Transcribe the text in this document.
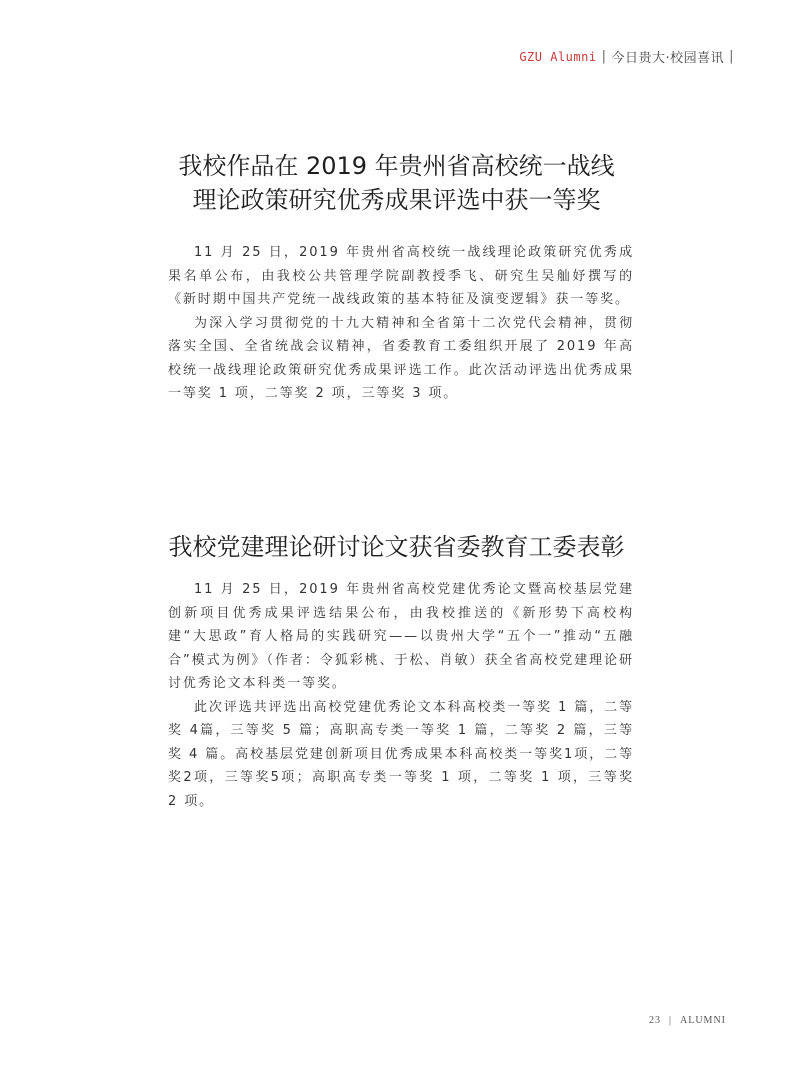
GZU Alumni | 今日贵大·校园喜讯 |
我校作品在 2019 年贵州省高校统一战线
理论政策研究优秀成果评选中获一等奖

11 月 25 日，2019 年贵州省高校统一战线理论政策研究优秀成果名单公布，由我校公共管理学院副教授季飞、研究生吴舢妤撰写的《新时期中国共产党统一战线政策的基本特征及演变逻辑》获一等奖。

为深入学习贯彻党的十九大精神和全省第十二次党代会精神，贯彻落实全国、全省统战会议精神，省委教育工委组织开展了 2019 年高校统一战线理论政策研究优秀成果评选工作。此次活动评选出优秀成果一等奖 1 项，二等奖 2 项，三等奖 3 项。

我校党建理论研讨论文获省委教育工委表彰

11 月 25 日，2019 年贵州省高校党建优秀论文暨高校基层党建创新项目优秀成果评选结果公布，由我校推送的《新形势下高校构建“大思政”育人格局的实践研究——以贵州大学“五个一”推动“五融合”模式为例》（作者：令狐彩桃、于松、肖敏）获全省高校党建理论研讨优秀论文本科类一等奖。

此次评选共评选出高校党建优秀论文本科高校类一等奖 1 篇，二等奖 4篇，三等奖 5 篇；高职高专类一等奖 1 篇，二等奖 2 篇，三等奖 4 篇。高校基层党建创新项目优秀成果本科高校类一等奖1项，二等奖2项，三等奖5项；高职高专类一等奖 1 项，二等奖 1 项，三等奖 2 项。

23 | ALUMNI
